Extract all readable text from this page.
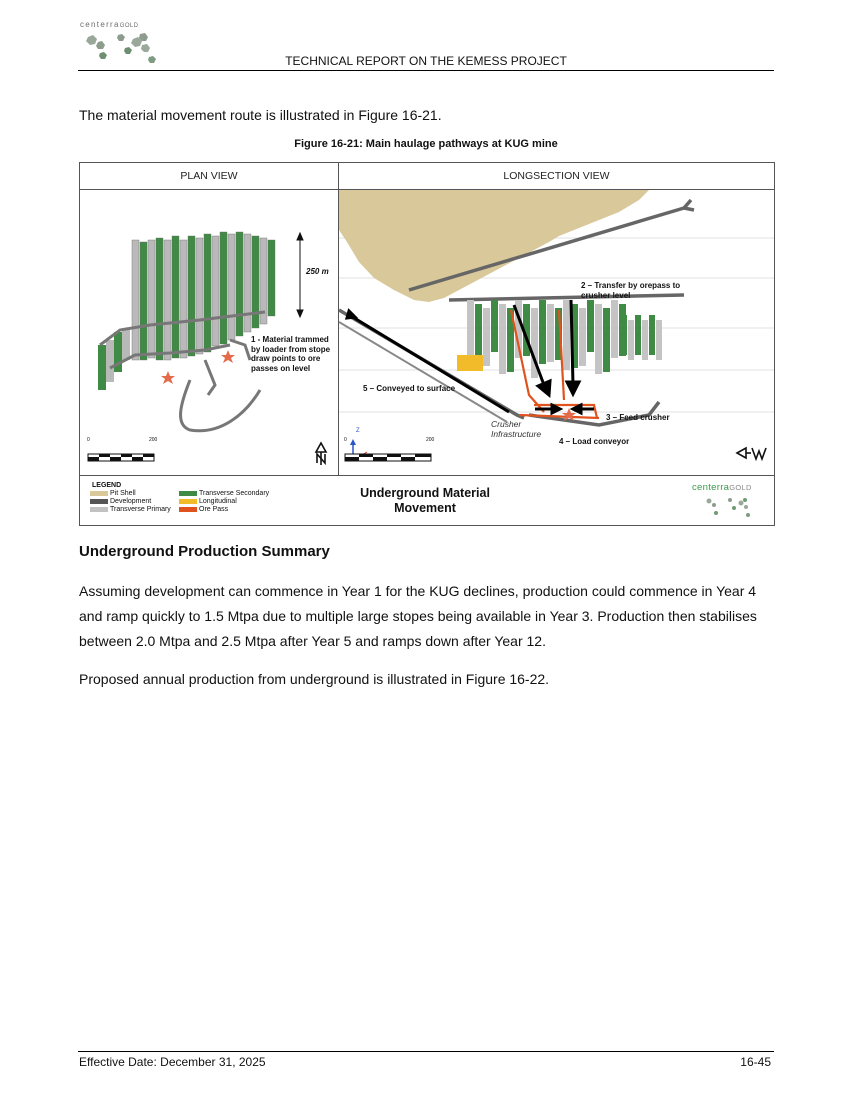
centerraGOLD
TECHNICAL REPORT ON THE KEMESS PROJECT
The material movement route is illustrated in Figure 16-21.
Figure 16-21: Main haulage pathways at KUG mine
PLAN VIEW	LONGSECTION VIEW
250 m
1 - Material trammed by loader from stope draw points to ore passes on level
0	200
2 – Transfer by orepass to crusher level
5 – Conveyed to surface
3 – Feed crusher
4 – Load conveyor
Crusher Infrastructure
0	200
Z
LEGEND
Pit Shell
Development
Transverse Primary
Transverse Secondary
Longitudinal
Ore Pass
Underground Material Movement
centerraGOLD
Underground Production Summary
Assuming development can commence in Year 1 for the KUG declines, production could commence in Year 4 and ramp quickly to 1.5 Mtpa due to multiple large stopes being available in Year 3. Production then stabilises between 2.0 Mtpa and 2.5 Mtpa after Year 5 and ramps down after Year 12.
Proposed annual production from underground is illustrated in Figure 16-22.
Effective Date: December 31, 2025	16-45
